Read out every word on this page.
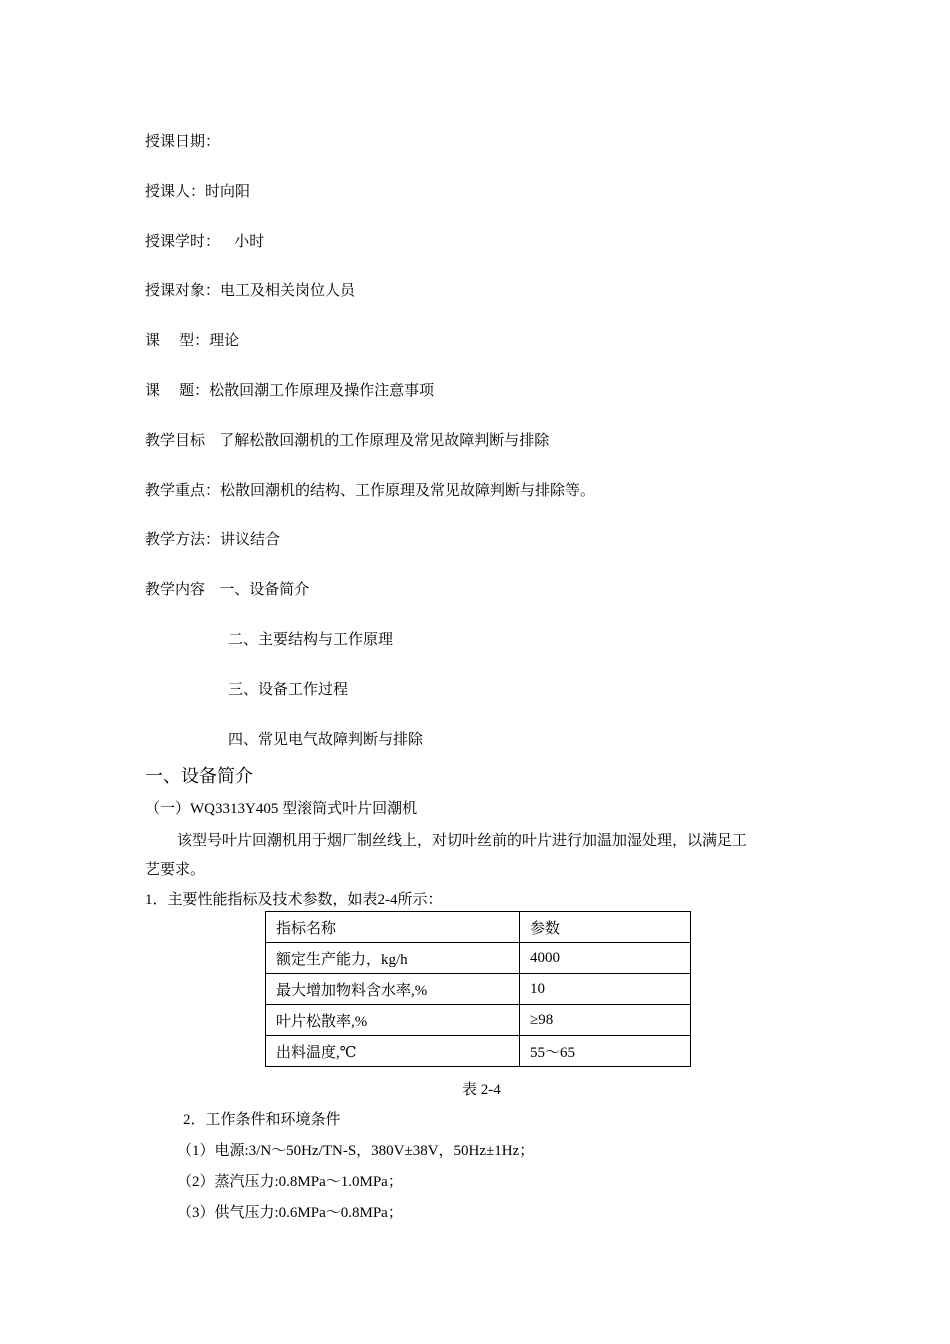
授课日期：
授课人：时向阳
授课学时：   小时
授课对象：电工及相关岗位人员
课    型：理论
课    题：松散回潮工作原理及操作注意事项
教学目标   了解松散回潮机的工作原理及常见故障判断与排除
教学重点：松散回潮机的结构、工作原理及常见故障判断与排除等。
教学方法：讲议结合
教学内容   一、设备简介
二、主要结构与工作原理
三、设备工作过程
四、常见电气故障判断与排除
一、设备简介
（一）WQ3313Y405 型滚筒式叶片回潮机
该型号叶片回潮机用于烟厂制丝线上，对切叶丝前的叶片进行加温加湿处理，以满足工
艺要求。
1．主要性能指标及技术参数，如表2-4所示：
指标名称	参数
额定生产能力，kg/h	4000
最大增加物料含水率,%	10
叶片松散率,%	≥98
出料温度,℃	55～65
表 2-4
2．工作条件和环境条件
（1）电源:3/N～50Hz/TN-S，380V±38V，50Hz±1Hz；
（2）蒸汽压力:0.8MPa～1.0MPa；
（3）供气压力:0.6MPa～0.8MPa；
